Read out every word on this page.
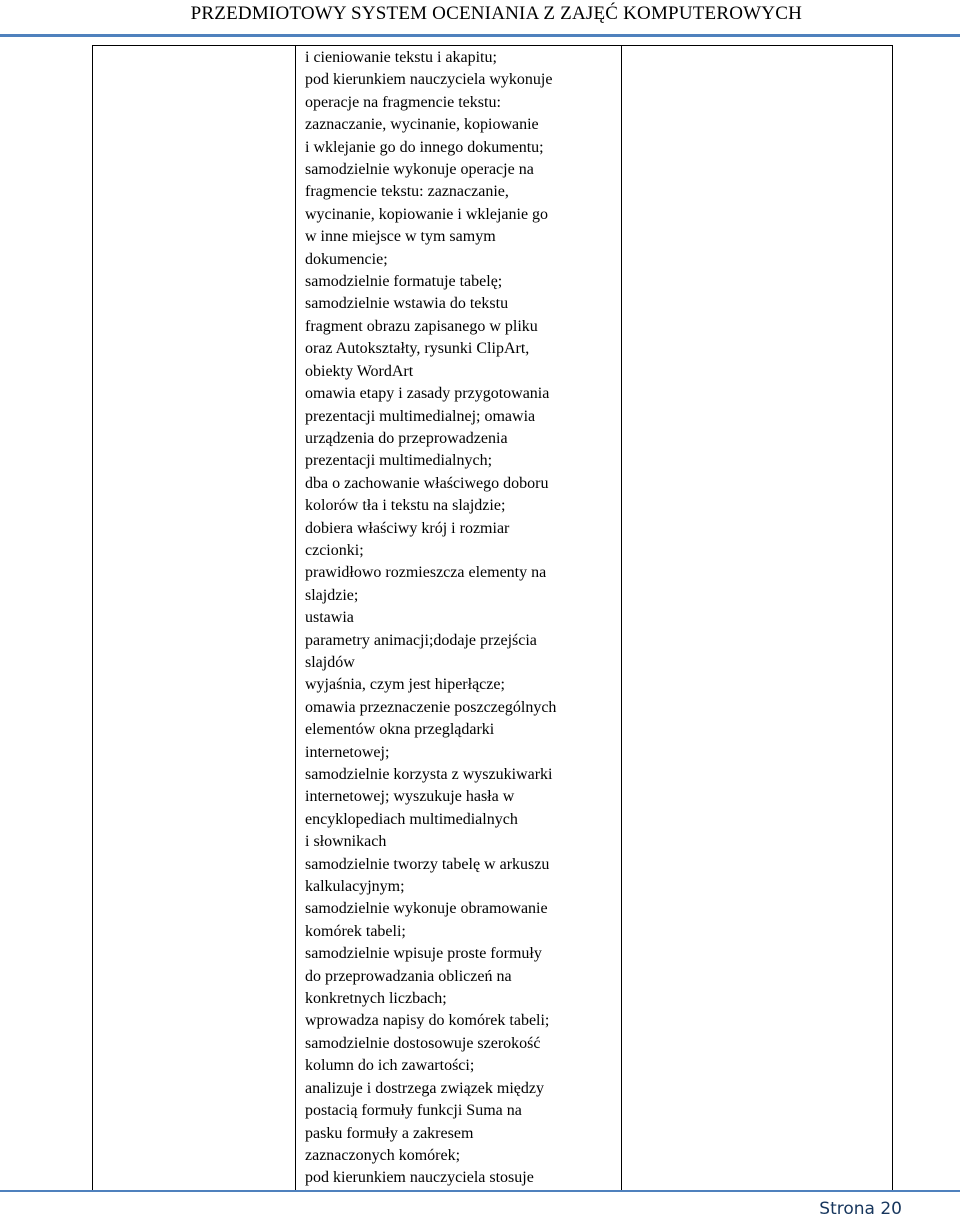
PRZEDMIOTOWY SYSTEM OCENIANIA Z ZAJĘĆ KOMPUTEROWYCH

i cieniowanie tekstu i akapitu;
pod kierunkiem nauczyciela wykonuje
operacje na fragmencie tekstu:
zaznaczanie, wycinanie, kopiowanie
i wklejanie go do innego dokumentu;
samodzielnie wykonuje operacje na
fragmencie tekstu: zaznaczanie,
wycinanie, kopiowanie i wklejanie go
w inne miejsce w tym samym
dokumencie;
samodzielnie formatuje tabelę;
samodzielnie wstawia do tekstu
fragment obrazu zapisanego w pliku
oraz Autokształty, rysunki ClipArt,
obiekty WordArt
omawia etapy i zasady przygotowania
prezentacji multimedialnej; omawia
urządzenia do przeprowadzenia
prezentacji multimedialnych;
dba o zachowanie właściwego doboru
kolorów tła i tekstu na slajdzie;
dobiera właściwy krój i rozmiar
czcionki;
prawidłowo rozmieszcza elementy na
slajdzie;
ustawia
parametry animacji;dodaje przejścia
slajdów
wyjaśnia, czym jest hiperłącze;
omawia przeznaczenie poszczególnych
elementów okna przeglądarki
internetowej;
samodzielnie korzysta z wyszukiwarki
internetowej; wyszukuje hasła w
encyklopediach multimedialnych
i słownikach
samodzielnie tworzy tabelę w arkuszu
kalkulacyjnym;
samodzielnie wykonuje obramowanie
komórek tabeli;
samodzielnie wpisuje proste formuły
do przeprowadzania obliczeń na
konkretnych liczbach;
wprowadza napisy do komórek tabeli;
samodzielnie dostosowuje szerokość
kolumn do ich zawartości;
analizuje i dostrzega związek między
postacią formuły funkcji Suma na
pasku formuły a zakresem
zaznaczonych komórek;
pod kierunkiem nauczyciela stosuje

Strona 20
